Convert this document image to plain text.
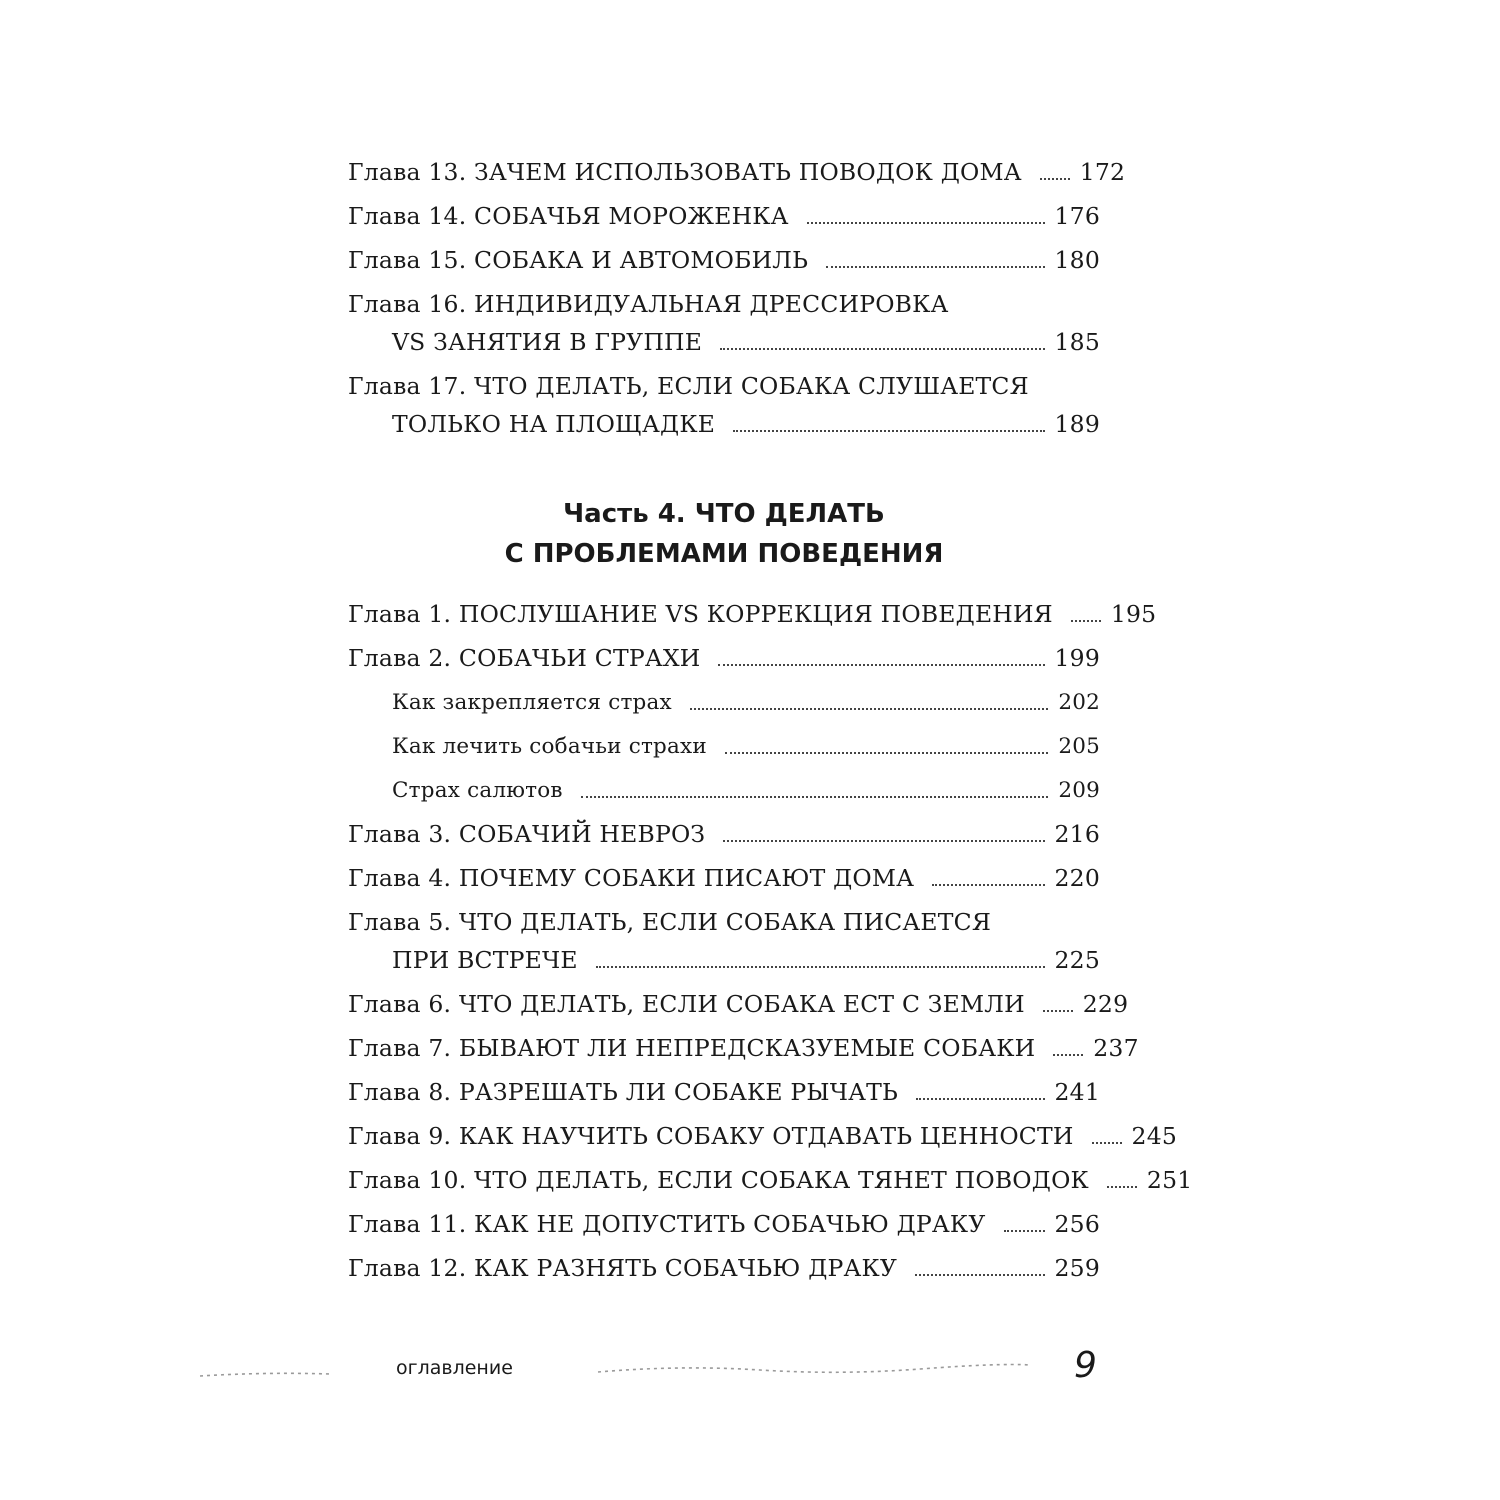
Глава 13. ЗАЧЕМ ИСПОЛЬЗОВАТЬ ПОВОДОК ДОМА 172
Глава 14. СОБАЧЬЯ МОРОЖЕНКА	176
Глава 15. СОБАКА И АВТОМОБИЛЬ	180
Глава 16. ИНДИВИДУАЛЬНАЯ ДРЕССИРОВКА
VS ЗАНЯТИЯ В ГРУППЕ	185
Глава 17. ЧТО ДЕЛАТЬ, ЕСЛИ СОБАКА СЛУШАЕТСЯ
ТОЛЬКО НА ПЛОЩАДКЕ	189
Часть 4. ЧТО ДЕЛАТЬ
С ПРОБЛЕМАМИ ПОВЕДЕНИЯ
Глава 1. ПОСЛУШАНИЕ VS КОРРЕКЦИЯ ПОВЕДЕНИЯ 195
Глава 2. СОБАЧЬИ СТРАХИ	199
Как закрепляется страх	202
Как лечить собачьи страхи	205
Страх салютов	209
Глава 3. СОБАЧИЙ НЕВРОЗ	216
Глава 4. ПОЧЕМУ СОБАКИ ПИСАЮТ ДОМА	220
Глава 5. ЧТО ДЕЛАТЬ, ЕСЛИ СОБАКА ПИСАЕТСЯ
ПРИ ВСТРЕЧЕ	225
Глава 6. ЧТО ДЕЛАТЬ, ЕСЛИ СОБАКА ЕСТ С ЗЕМЛИ 229
Глава 7. БЫВАЮТ ЛИ НЕПРЕДСКАЗУЕМЫЕ СОБАКИ 237
Глава 8. РАЗРЕШАТЬ ЛИ СОБАКЕ РЫЧАТЬ	241
Глава 9. КАК НАУЧИТЬ СОБАКУ ОТДАВАТЬ ЦЕННОСТИ 245
Глава 10. ЧТО ДЕЛАТЬ, ЕСЛИ СОБАКА ТЯНЕТ ПОВОДОК 251
Глава 11. КАК НЕ ДОПУСТИТЬ СОБАЧЬЮ ДРАКУ	256
Глава 12. КАК РАЗНЯТЬ СОБАЧЬЮ ДРАКУ	259
оглавление	9
